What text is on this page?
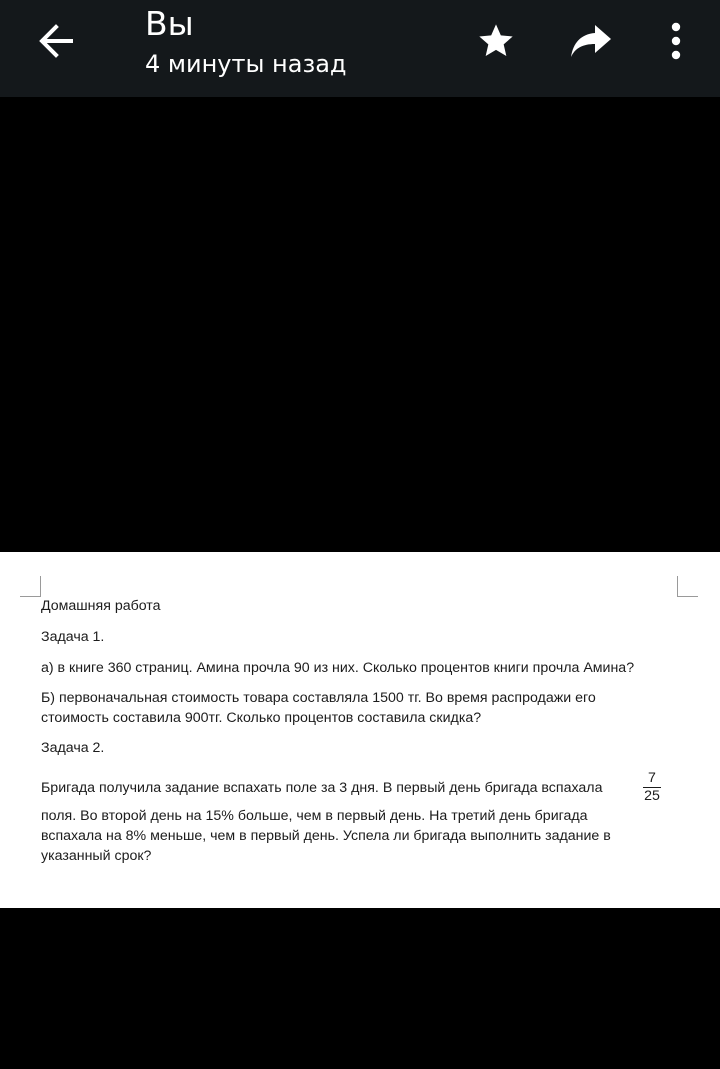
Вы
4 минуты назад
Домашняя работа
Задача 1.
а) в книге 360 страниц. Амина прочла 90 из них. Сколько процентов книги прочла Амина?
Б) первоначальная стоимость товара составляла 1500 тг. Во время распродажи его
стоимость составила 900тг. Сколько процентов составила скидка?
Задача 2.
Бригада получила задание вспахать поле за 3 дня. В первый день бригада вспахала
7
25
поля. Во второй день на 15% больше, чем в первый день. На третий день бригада
вспахала на 8% меньше, чем в первый день. Успела ли бригада выполнить задание в
указанный срок?
